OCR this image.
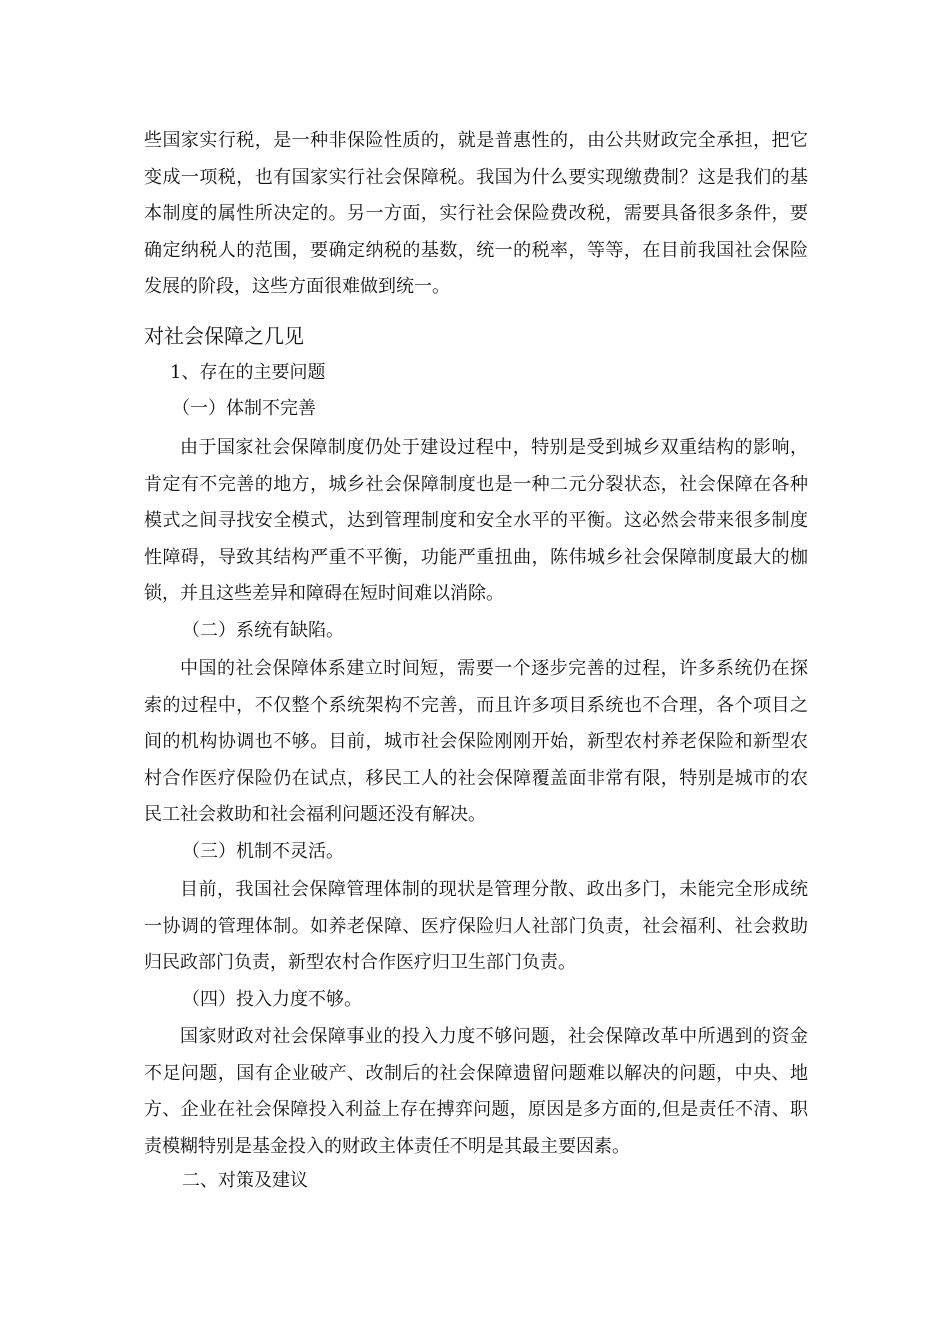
些国家实行税，是一种非保险性质的，就是普惠性的，由公共财政完全承担，把它变成一项税，也有国家实行社会保障税。我国为什么要实现缴费制？这是我们的基本制度的属性所决定的。另一方面，实行社会保险费改税，需要具备很多条件，要确定纳税人的范围，要确定纳税的基数，统一的税率，等等，在目前我国社会保险发展的阶段，这些方面很难做到统一。

对社会保障之几见

1、存在的主要问题

（一）体制不完善

由于国家社会保障制度仍处于建设过程中，特别是受到城乡双重结构的影响，肯定有不完善的地方，城乡社会保障制度也是一种二元分裂状态，社会保障在各种模式之间寻找安全模式，达到管理制度和安全水平的平衡。这必然会带来很多制度性障碍，导致其结构严重不平衡，功能严重扭曲，陈伟城乡社会保障制度最大的枷锁，并且这些差异和障碍在短时间难以消除。

（二）系统有缺陷。

中国的社会保障体系建立时间短，需要一个逐步完善的过程，许多系统仍在探索的过程中，不仅整个系统架构不完善，而且许多项目系统也不合理，各个项目之间的机构协调也不够。目前，城市社会保险刚刚开始，新型农村养老保险和新型农村合作医疗保险仍在试点，移民工人的社会保障覆盖面非常有限，特别是城市的农民工社会救助和社会福利问题还没有解决。

（三）机制不灵活。

目前，我国社会保障管理体制的现状是管理分散、政出多门，未能完全形成统一协调的管理体制。如养老保障、医疗保险归人社部门负责，社会福利、社会救助归民政部门负责，新型农村合作医疗归卫生部门负责。

（四）投入力度不够。

国家财政对社会保障事业的投入力度不够问题，社会保障改革中所遇到的资金不足问题，国有企业破产、改制后的社会保障遗留问题难以解决的问题，中央、地方、企业在社会保障投入利益上存在搏弈问题，原因是多方面的,但是责任不清、职责模糊特别是基金投入的财政主体责任不明是其最主要因素。

二、对策及建议
